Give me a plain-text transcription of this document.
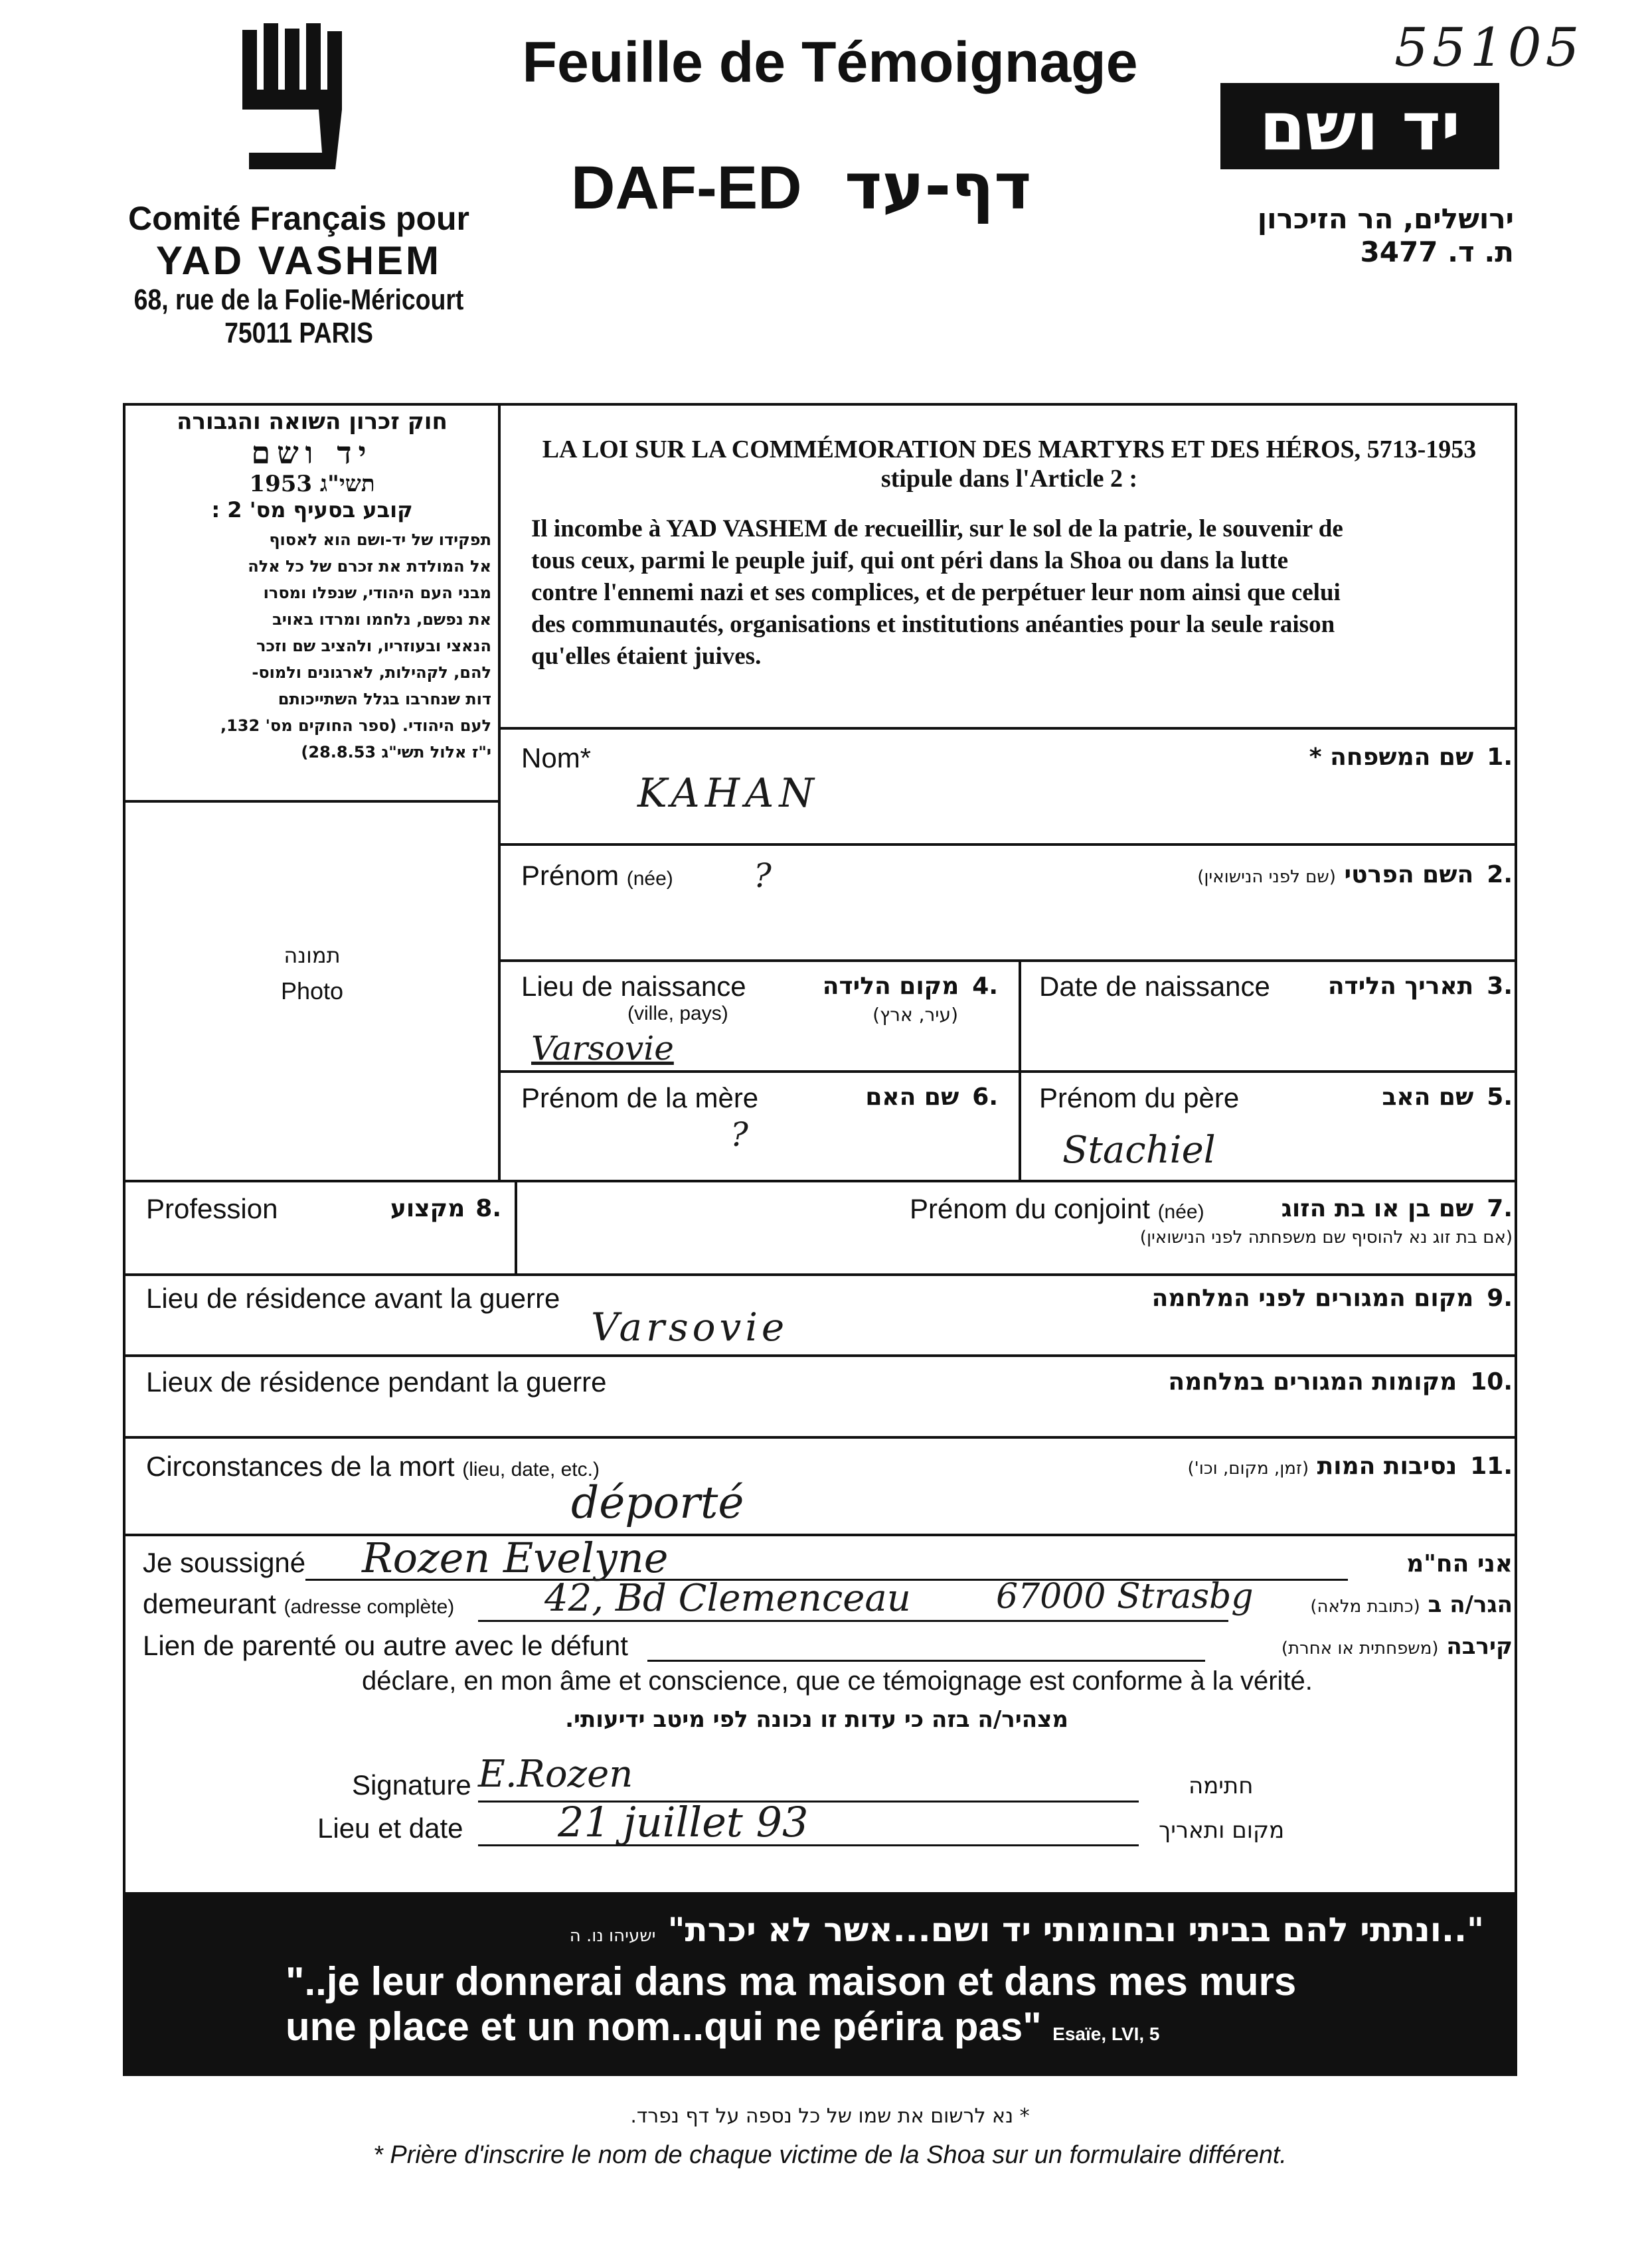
Comité Français pour
YAD VASHEM
68, rue de la Folie-Méricourt
75011 PARIS
Feuille de Témoignage
DAF-ED דף-עד
55105
יד ושם
ירושלים, הר הזיכרון
ת. ד. 3477
חוק זכרון השואה והגבורה
יד ושם
תשי"ג 1953
קובע בסעיף מס' 2 :
תפקידו של יד-ושם הוא לאסוף
אל המולדת את זכרם של כל אלה
מבני העם היהודי, שנפלו ומסרו
את נפשם, נלחמו ומרדו באויב
הנאצי ובעוזריו, ולהציב שם וזכר
להם, לקהילות, לארגונים ולמוס-
דות שנחרבו בגלל השתייכותם
לעם היהודי. (ספר החוקים מס' 132,
י"ז אלול תשי"ג 28.8.53)
LA LOI SUR LA COMMÉMORATION DES MARTYRS ET DES HÉROS, 5713-1953
stipule dans l'Article 2 :
Il incombe à YAD VASHEM de recueillir, sur le sol de la patrie, le souvenir de
tous ceux, parmi le peuple juif, qui ont péri dans la Shoa ou dans la lutte
contre l'ennemi nazi et ses complices, et de perpétuer leur nom ainsi que celui
des communautés, organisations et institutions anéanties pour la seule raison
qu'elles étaient juives.
תמונה
Photo
Nom*	.1שם המשפחה *
KAHAN
Prénom (née)	.2השם הפרטי (שם לפני הנישואין)
?
Lieu de naissance
(ville, pays)
.4מקום הלידה
(עיר, ארץ)
Varsovie
Date de naissance	.3תאריך הלידה
Prénom de la mère	.6שם האם
?
Prénom du père	.5שם האב
Stachiel
Profession	.8מקצוע	Prénom du conjoint (née)	.7שם בן או בת הזוג
(אם בת זוג נא להוסיף שם משפחתה לפני הנישואין)
Lieu de résidence avant la guerre	.9מקום המגורים לפני המלחמה
Varsovie
Lieux de résidence pendant la guerre	.10מקומות המגורים במלחמה
Circonstances de la mort (lieu, date, etc.)	.11נסיבות המות (זמן, מקום, וכו')
déporté
Je soussigné Rozen Evelyne	אני הח"מ
demeurant (adresse complète) 42, Bd Clemenceau 67000 Strasbg	הגר/ה ב (כתובת מלאה)
Lien de parenté ou autre avec le défunt	קירבה (משפחתית או אחרת)
déclare, en mon âme et conscience, que ce témoignage est conforme à la vérité.
מצהיר/ה בזה כי עדות זו נכונה לפי מיטב ידיעותי.
Signature E.Rozen	חתימה
Lieu et date 21 juillet 93	מקום ותאריך
"..ונתתי להם בביתי ובחומותי יד ושם...אשר לא יכרת" ישעיהו נו. ה
"..je leur donnerai dans ma maison et dans mes murs
une place et un nom...qui ne périra pas" Esaïe, LVI, 5
* נא לרשום את שמו של כל נספה על דף נפרד.
* Prière d'inscrire le nom de chaque victime de la Shoa sur un formulaire différent.
